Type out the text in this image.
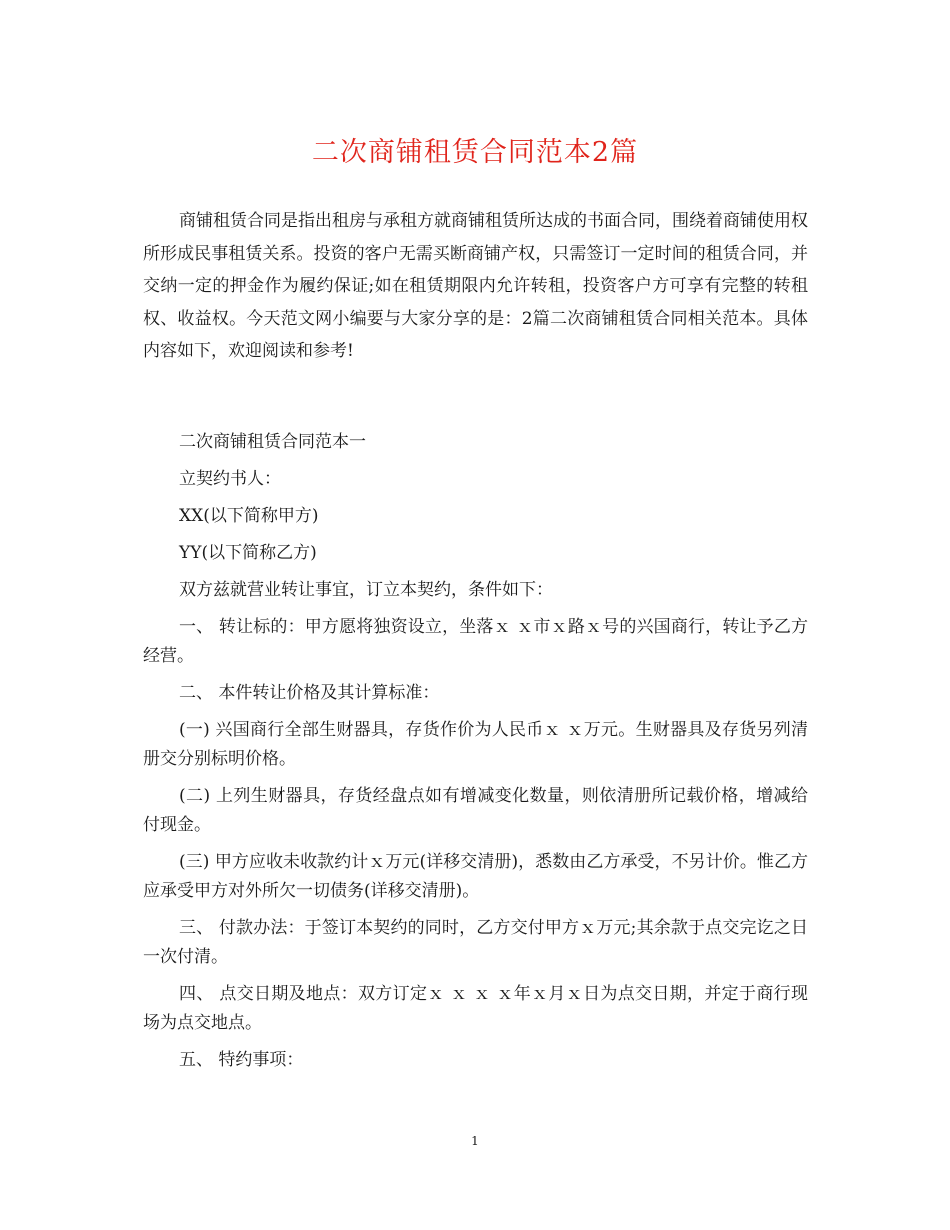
二次商铺租赁合同范本2篇

商铺租赁合同是指出租房与承租方就商铺租赁所达成的书面合同，围绕着商铺使用权所形成民事租赁关系。投资的客户无需买断商铺产权，只需签订一定时间的租赁合同，并交纳一定的押金作为履约保证;如在租赁期限内允许转租，投资客户方可享有完整的转租权、收益权。今天范文网小编要与大家分享的是：2篇二次商铺租赁合同相关范本。具体内容如下，欢迎阅读和参考!

二次商铺租赁合同范本一

立契约书人：

XX(以下简称甲方)

YY(以下简称乙方)

双方兹就营业转让事宜，订立本契约，条件如下：

一、 转让标的：甲方愿将独资设立，坐落ｘ ｘ市ｘ路ｘ号的兴国商行，转让予乙方经营。

二、 本件转让价格及其计算标准：

(一) 兴国商行全部生财器具，存货作价为人民币ｘ ｘ万元。生财器具及存货另列清册交分别标明价格。

(二) 上列生财器具，存货经盘点如有增减变化数量，则依清册所记载价格，增减给付现金。

(三) 甲方应收未收款约计ｘ万元(详移交清册)，悉数由乙方承受，不另计价。惟乙方应承受甲方对外所欠一切债务(详移交清册)。

三、 付款办法：于签订本契约的同时，乙方交付甲方ｘ万元;其余款于点交完讫之日一次付清。

四、 点交日期及地点：双方订定ｘ ｘ ｘ ｘ年ｘ月ｘ日为点交日期，并定于商行现场为点交地点。

五、 特约事项：

1
